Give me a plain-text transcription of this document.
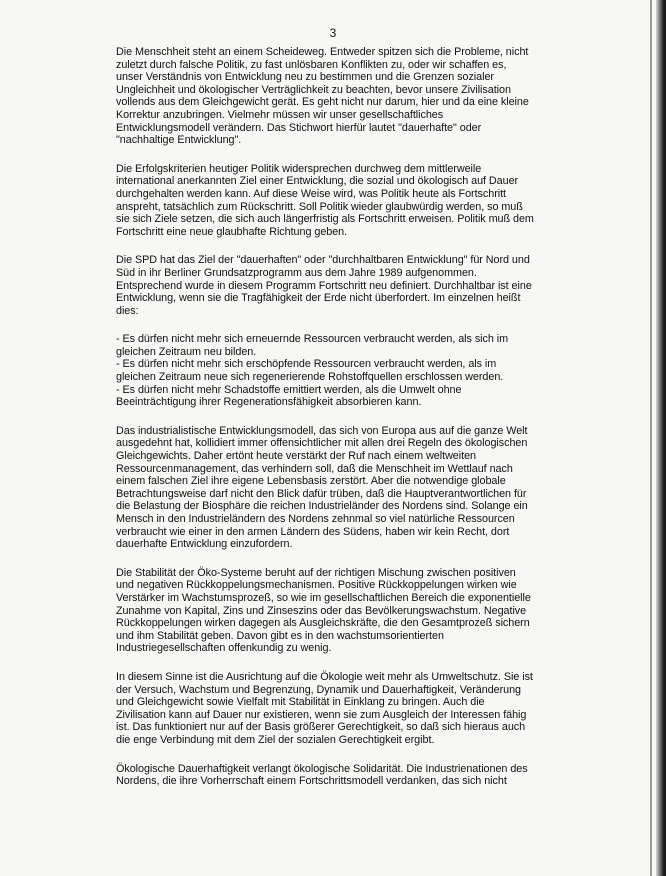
3

Die Menschheit steht an einem Scheideweg. Entweder spitzen sich die Probleme, nicht
zuletzt durch falsche Politik, zu fast unlösbaren Konflikten zu, oder wir schaffen es,
unser Verständnis von Entwicklung neu zu bestimmen und die Grenzen sozialer
Ungleichheit und ökologischer Verträglichkeit zu beachten, bevor unsere Zivilisation
vollends aus dem Gleichgewicht gerät. Es geht nicht nur darum, hier und da eine kleine
Korrektur anzubringen. Vielmehr müssen wir unser gesellschaftliches
Entwicklungsmodell verändern. Das Stichwort hierfür lautet "dauerhafte" oder
"nachhaltige Entwicklung".

Die Erfolgskriterien heutiger Politik widersprechen durchweg dem mittlerweile
international anerkannten Ziel einer Entwicklung, die sozial und ökologisch auf Dauer
durchgehalten werden kann. Auf diese Weise wird, was Politik heute als Fortschritt
anspreht, tatsächlich zum Rückschritt. Soll Politik wieder glaubwürdig werden, so muß
sie sich Ziele setzen, die sich auch längerfristig als Fortschritt erweisen. Politik muß dem
Fortschritt eine neue glaubhafte Richtung geben.

Die SPD hat das Ziel der "dauerhaften" oder "durchhaltbaren Entwicklung" für Nord und
Süd in ihr Berliner Grundsatzprogramm aus dem Jahre 1989 aufgenommen.
Entsprechend wurde in diesem Programm Fortschritt neu definiert. Durchhaltbar ist eine
Entwicklung, wenn sie die Tragfähigkeit der Erde nicht überfordert. Im einzelnen heißt
dies:

- Es dürfen nicht mehr sich erneuernde Ressourcen verbraucht werden, als sich im
gleichen Zeitraum neu bilden.
- Es dürfen nicht mehr sich erschöpfende Ressourcen verbraucht werden, als im
gleichen Zeitraum neue sich regenerierende Rohstoffquellen erschlossen werden.
- Es dürfen nicht mehr Schadstoffe emittiert werden, als die Umwelt ohne
Beeinträchtigung ihrer Regenerationsfähigkeit absorbieren kann.

Das industrialistische Entwicklungsmodell, das sich von Europa aus auf die ganze Welt
ausgedehnt hat, kollidiert immer offensichtlicher mit allen drei Regeln des ökologischen
Gleichgewichts. Daher ertönt heute verstärkt der Ruf nach einem weltweiten
Ressourcenmanagement, das verhindern soll, daß die Menschheit im Wettlauf nach
einem falschen Ziel ihre eigene Lebensbasis zerstört. Aber die notwendige globale
Betrachtungsweise darf nicht den Blick dafür trüben, daß die Hauptverantwortlichen für
die Belastung der Biosphäre die reichen Industrieländer des Nordens sind. Solange ein
Mensch in den Industrieländern des Nordens zehnmal so viel natürliche Ressourcen
verbraucht wie einer in den armen Ländern des Südens, haben wir kein Recht, dort
dauerhafte Entwicklung einzufordern.

Die Stabilität der Öko-Systeme beruht auf der richtigen Mischung zwischen positiven
und negativen Rückkoppelungsmechanismen. Positive Rückkoppelungen wirken wie
Verstärker im Wachstumsprozeß, so wie im gesellschaftlichen Bereich die exponentielle
Zunahme von Kapital, Zins und Zinseszins oder das Bevölkerungswachstum. Negative
Rückkoppelungen wirken dagegen als Ausgleichskräfte, die den Gesamtprozeß sichern
und ihm Stabilität geben. Davon gibt es in den wachstumsorientierten
Industriegesellschaften offenkundig zu wenig.

In diesem Sinne ist die Ausrichtung auf die Ökologie weit mehr als Umweltschutz. Sie ist
der Versuch, Wachstum und Begrenzung, Dynamik und Dauerhaftigkeit, Veränderung
und Gleichgewicht sowie Vielfalt mit Stabilität in Einklang zu bringen. Auch die
Zivilisation kann auf Dauer nur existieren, wenn sie zum Ausgleich der Interessen fähig
ist. Das funktioniert nur auf der Basis größerer Gerechtigkeit, so daß sich hieraus auch
die enge Verbindung mit dem Ziel der sozialen Gerechtigkeit ergibt.

Ökologische Dauerhaftigkeit verlangt ökologische Solidarität. Die Industrienationen des
Nordens, die ihre Vorherrschaft einem Fortschrittsmodell verdanken, das sich nicht
